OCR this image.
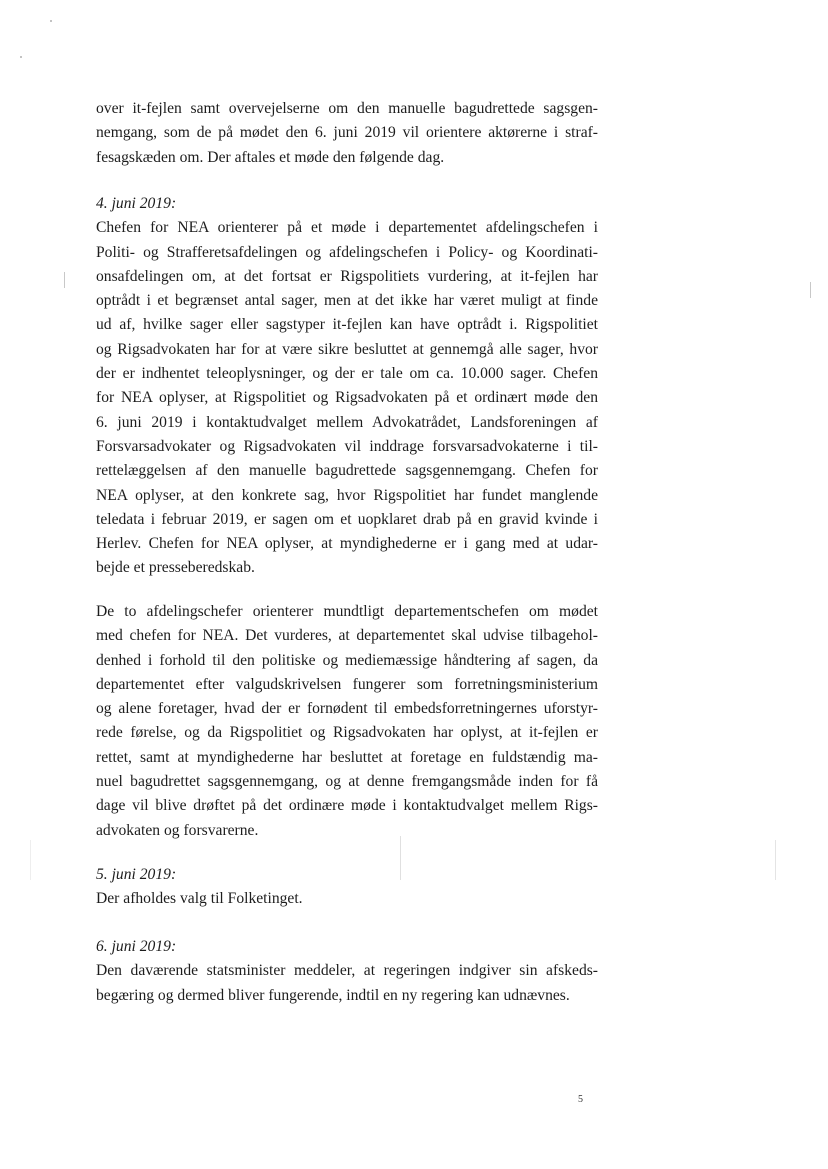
over it-fejlen samt overvejelserne om den manuelle bagudrettede sagsgen-
nemgang, som de på mødet den 6. juni 2019 vil orientere aktørerne i straf-
fesagskæden om. Der aftales et møde den følgende dag.
4. juni 2019:
Chefen for NEA orienterer på et møde i departementet afdelingschefen i
Politi- og Strafferetsafdelingen og afdelingschefen i Policy- og Koordinati-
onsafdelingen om, at det fortsat er Rigspolitiets vurdering, at it-fejlen har
optrådt i et begrænset antal sager, men at det ikke har været muligt at finde
ud af, hvilke sager eller sagstyper it-fejlen kan have optrådt i. Rigspolitiet
og Rigsadvokaten har for at være sikre besluttet at gennemgå alle sager, hvor
der er indhentet teleoplysninger, og der er tale om ca. 10.000 sager. Chefen
for NEA oplyser, at Rigspolitiet og Rigsadvokaten på et ordinært møde den
6. juni 2019 i kontaktudvalget mellem Advokatrådet, Landsforeningen af
Forsvarsadvokater og Rigsadvokaten vil inddrage forsvarsadvokaterne i til-
rettelæggelsen af den manuelle bagudrettede sagsgennemgang. Chefen for
NEA oplyser, at den konkrete sag, hvor Rigspolitiet har fundet manglende
teledata i februar 2019, er sagen om et uopklaret drab på en gravid kvinde i
Herlev. Chefen for NEA oplyser, at myndighederne er i gang med at udar-
bejde et presseberedskab.
De to afdelingschefer orienterer mundtligt departementschefen om mødet
med chefen for NEA. Det vurderes, at departementet skal udvise tilbagehol-
denhed i forhold til den politiske og mediemæssige håndtering af sagen, da
departementet efter valgudskrivelsen fungerer som forretningsministerium
og alene foretager, hvad der er fornødent til embedsforretningernes uforstyr-
rede førelse, og da Rigspolitiet og Rigsadvokaten har oplyst, at it-fejlen er
rettet, samt at myndighederne har besluttet at foretage en fuldstændig ma-
nuel bagudrettet sagsgennemgang, og at denne fremgangsmåde inden for få
dage vil blive drøftet på det ordinære møde i kontaktudvalget mellem Rigs-
advokaten og forsvarerne.
5. juni 2019:
Der afholdes valg til Folketinget.
6. juni 2019:
Den daværende statsminister meddeler, at regeringen indgiver sin afskeds-
begæring og dermed bliver fungerende, indtil en ny regering kan udnævnes.
5
